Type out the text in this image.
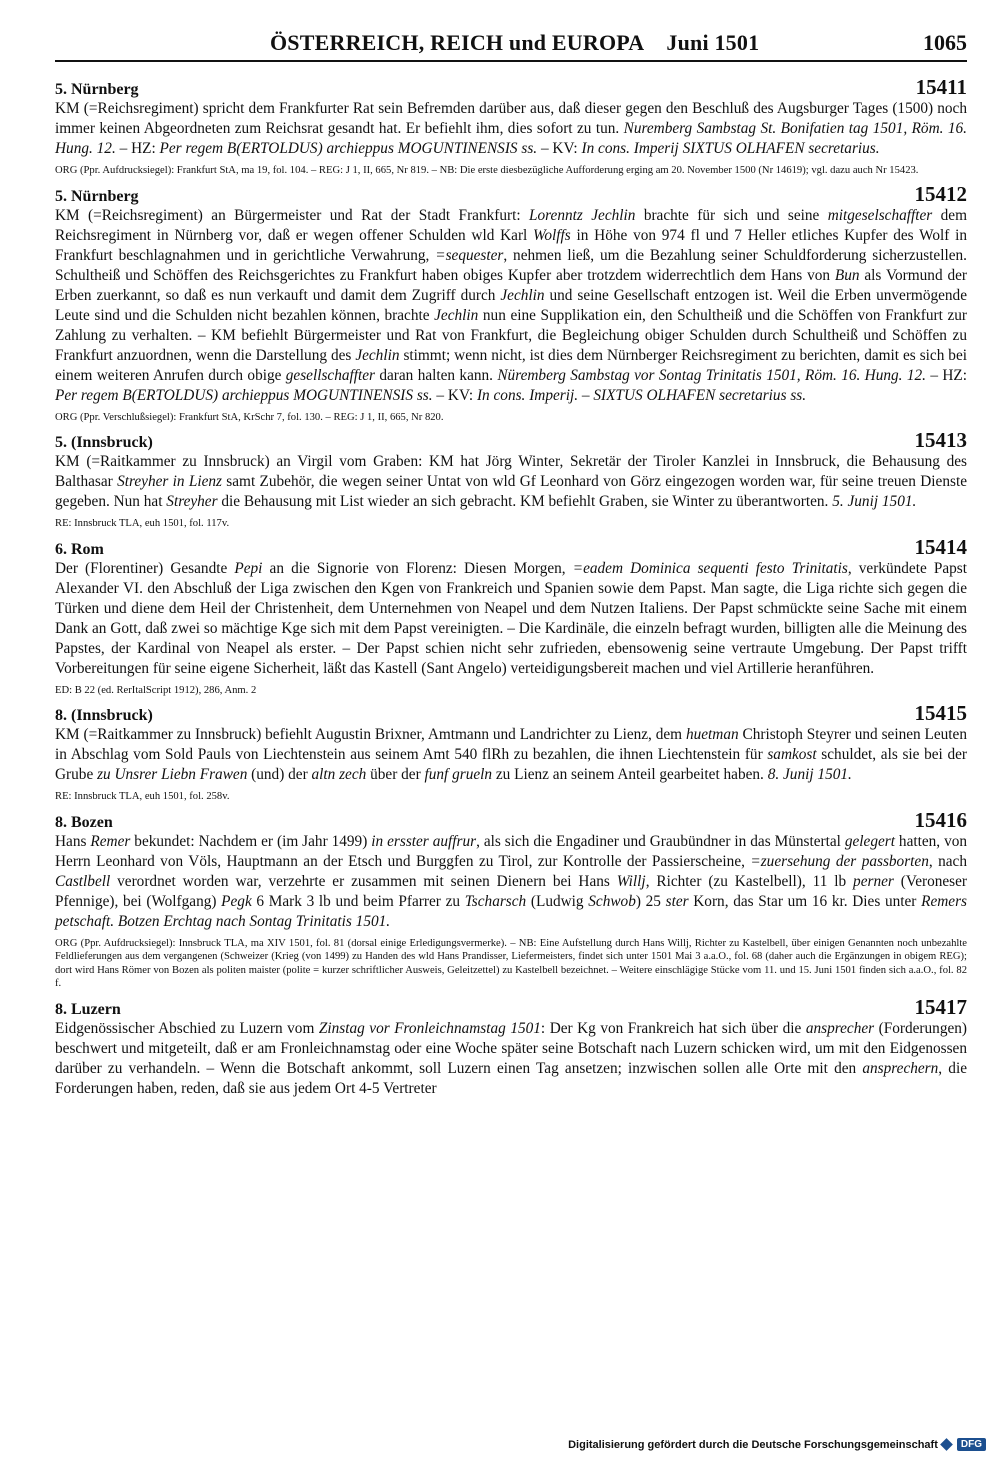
ÖSTERREICH, REICH und EUROPA Juni 1501	1065
5. Nürnberg	15411

KM (=Reichsregiment) spricht dem Frankfurter Rat sein Befremden darüber aus, daß dieser gegen den Beschluß des Augsburger Tages (1500) noch immer keinen Abgeordneten zum Reichsrat gesandt hat. Er befiehlt ihm, dies sofort zu tun. Nuremberg Sambstag St. Bonifatien tag 1501, Röm. 16. Hung. 12. – HZ: Per regem B(ERTOLDUS) archieppus MOGUNTINENSIS ss. – KV: In cons. Imperij SIXTUS OLHAFEN secretarius.

ORG (Ppr. Aufdrucksiegel): Frankfurt StA, ma 19, fol. 104. – REG: J 1, II, 665, Nr 819. – NB: Die erste diesbezügliche Aufforderung erging am 20. November 1500 (Nr 14619); vgl. dazu auch Nr 15423.

5. Nürnberg	15412

KM (=Reichsregiment) an Bürgermeister und Rat der Stadt Frankfurt: Lorenntz Jechlin brachte für sich und seine mitgeselschaffter dem Reichsregiment in Nürnberg vor, daß er wegen offener Schulden wld Karl Wolffs in Höhe von 974 fl und 7 Heller etliches Kupfer des Wolf in Frankfurt beschlagnahmen und in gerichtliche Verwahrung, =sequester, nehmen ließ, um die Bezahlung seiner Schuldforderung sicherzustellen. Schultheiß und Schöffen des Reichsgerichtes zu Frankfurt haben obiges Kupfer aber trotzdem widerrechtlich dem Hans von Bun als Vormund der Erben zuerkannt, so daß es nun verkauft und damit dem Zugriff durch Jechlin und seine Gesellschaft entzogen ist. Weil die Erben unvermögende Leute sind und die Schulden nicht bezahlen können, brachte Jechlin nun eine Supplikation ein, den Schultheiß und die Schöffen von Frankfurt zur Zahlung zu verhalten. – KM befiehlt Bürgermeister und Rat von Frankfurt, die Begleichung obiger Schulden durch Schultheiß und Schöffen zu Frankfurt anzuordnen, wenn die Darstellung des Jechlin stimmt; wenn nicht, ist dies dem Nürnberger Reichsregiment zu berichten, damit es sich bei einem weiteren Anrufen durch obige gesellschaffter daran halten kann. Nüremberg Sambstag vor Sontag Trinitatis 1501, Röm. 16. Hung. 12. – HZ: Per regem B(ERTOLDUS) archieppus MOGUNTINENSIS ss. – KV: In cons. Imperij. – SIXTUS OLHAFEN secretarius ss.

ORG (Ppr. Verschlußsiegel): Frankfurt StA, KrSchr 7, fol. 130. – REG: J 1, II, 665, Nr 820.

5. (Innsbruck)	15413

KM (=Raitkammer zu Innsbruck) an Virgil vom Graben: KM hat Jörg Winter, Sekretär der Tiroler Kanzlei in Innsbruck, die Behausung des Balthasar Streyher in Lienz samt Zubehör, die wegen seiner Untat von wld Gf Leonhard von Görz eingezogen worden war, für seine treuen Dienste gegeben. Nun hat Streyher die Behausung mit List wieder an sich gebracht. KM befiehlt Graben, sie Winter zu überantworten. 5. Junij 1501.

RE: Innsbruck TLA, euh 1501, fol. 117v.

6. Rom	15414

Der (Florentiner) Gesandte Pepi an die Signorie von Florenz: Diesen Morgen, =eadem Dominica sequenti festo Trinitatis, verkündete Papst Alexander VI. den Abschluß der Liga zwischen den Kgen von Frankreich und Spanien sowie dem Papst. Man sagte, die Liga richte sich gegen die Türken und diene dem Heil der Christenheit, dem Unternehmen von Neapel und dem Nutzen Italiens. Der Papst schmückte seine Sache mit einem Dank an Gott, daß zwei so mächtige Kge sich mit dem Papst vereinigten. – Die Kardinäle, die einzeln befragt wurden, billigten alle die Meinung des Papstes, der Kardinal von Neapel als erster. – Der Papst schien nicht sehr zufrieden, ebensowenig seine vertraute Umgebung. Der Papst trifft Vorbereitungen für seine eigene Sicherheit, läßt das Kastell (Sant Angelo) verteidigungsbereit machen und viel Artillerie heranführen.

ED: B 22 (ed. RerItalScript 1912), 286, Anm. 2

8. (Innsbruck)	15415

KM (=Raitkammer zu Innsbruck) befiehlt Augustin Brixner, Amtmann und Landrichter zu Lienz, dem huetman Christoph Steyrer und seinen Leuten in Abschlag vom Sold Pauls von Liechtenstein aus seinem Amt 540 flRh zu bezahlen, die ihnen Liechtenstein für samkost schuldet, als sie bei der Grube zu Unsrer Liebn Frawen (und) der altn zech über der funf grueln zu Lienz an seinem Anteil gearbeitet haben. 8. Junij 1501.

RE: Innsbruck TLA, euh 1501, fol. 258v.

8. Bozen	15416

Hans Remer bekundet: Nachdem er (im Jahr 1499) in ersster auffrur, als sich die Engadiner und Graubündner in das Münstertal gelegert hatten, von Herrn Leonhard von Völs, Hauptmann an der Etsch und Burggfen zu Tirol, zur Kontrolle der Passierscheine, =zuersehung der passborten, nach Castlbell verordnet worden war, verzehrte er zusammen mit seinen Dienern bei Hans Willj, Richter (zu Kastelbell), 11 lb perner (Veroneser Pfennige), bei (Wolfgang) Pegk 6 Mark 3 lb und beim Pfarrer zu Tscharsch (Ludwig Schwob) 25 ster Korn, das Star um 16 kr. Dies unter Remers petschaft. Botzen Erchtag nach Sontag Trinitatis 1501.

ORG (Ppr. Aufdrucksiegel): Innsbruck TLA, ma XIV 1501, fol. 81 (dorsal einige Erledigungsvermerke). – NB: Eine Aufstellung durch Hans Willj, Richter zu Kastelbell, über einigen Genannten noch unbezahlte Feldlieferungen aus dem vergangenen (Schweizer (Krieg (von 1499) zu Handen des wld Hans Prandisser, Liefermeisters, findet sich unter 1501 Mai 3 a.a.O., fol. 68 (daher auch die Ergänzungen in obigem REG); dort wird Hans Römer von Bozen als politen maister (polite = kurzer schriftlicher Ausweis, Geleitzettel) zu Kastelbell bezeichnet. – Weitere einschlägige Stücke vom 11. und 15. Juni 1501 finden sich a.a.O., fol. 82 f.

8. Luzern	15417

Eidgenössischer Abschied zu Luzern vom Zinstag vor Fronleichnamstag 1501: Der Kg von Frankreich hat sich über die ansprecher (Forderungen) beschwert und mitgeteilt, daß er am Fronleichnamstag oder eine Woche später seine Botschaft nach Luzern schicken wird, um mit den Eidgenossen darüber zu verhandeln. – Wenn die Botschaft ankommt, soll Luzern einen Tag ansetzen; inzwischen sollen alle Orte mit den ansprechern, die Forderungen haben, reden, daß sie aus jedem Ort 4-5 Vertreter

Digitalisierung gefördert durch die Deutsche Forschungsgemeinschaft	DFG
